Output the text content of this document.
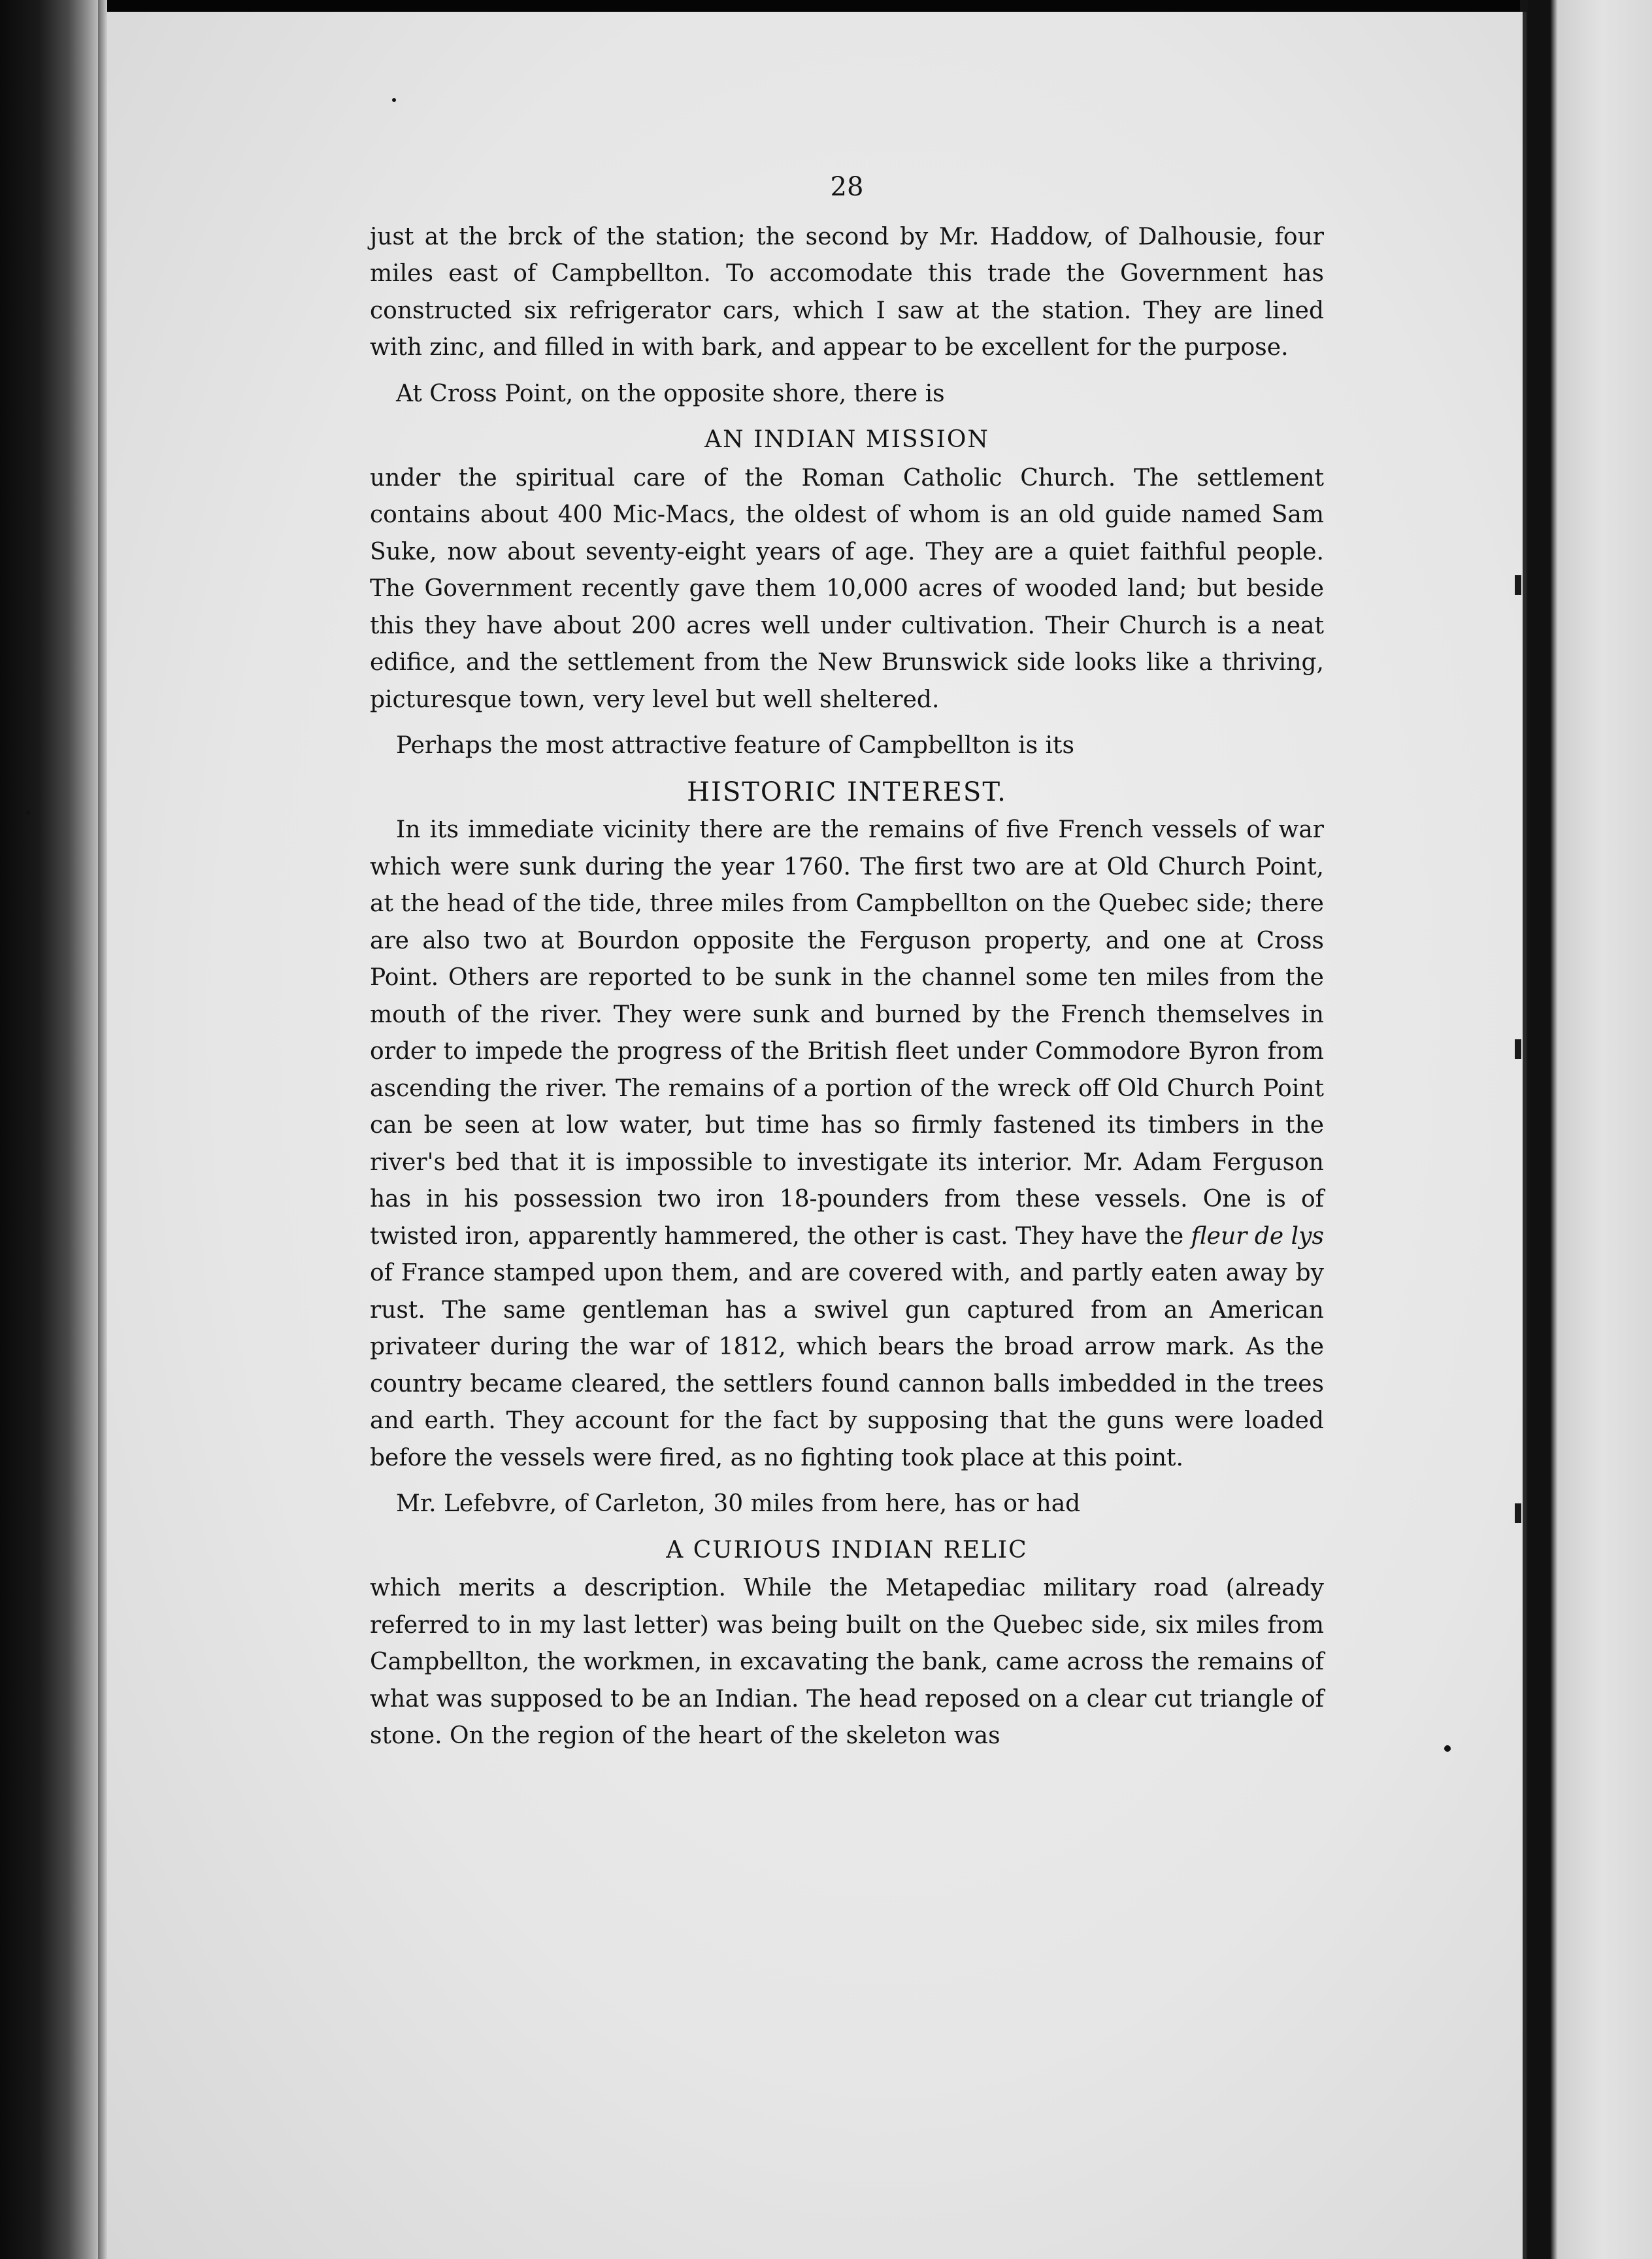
28

just at the brck of the station; the second by Mr. Haddow, of Dalhousie, four miles east of Campbellton. To accomodate this trade the Government has constructed six refrigerator cars, which I saw at the station. They are lined with zinc, and filled in with bark, and appear to be excellent for the purpose.

At Cross Point, on the opposite shore, there is

AN INDIAN MISSION

under the spiritual care of the Roman Catholic Church. The settlement contains about 400 Mic-Macs, the oldest of whom is an old guide named Sam Suke, now about seventy-eight years of age. They are a quiet faithful people. The Government recently gave them 10,000 acres of wooded land; but beside this they have about 200 acres well under cultivation. Their Church is a neat edifice, and the settlement from the New Brunswick side looks like a thriving, picturesque town, very level but well sheltered.

Perhaps the most attractive feature of Campbellton is its

HISTORIC INTEREST.

In its immediate vicinity there are the remains of five French vessels of war which were sunk during the year 1760. The first two are at Old Church Point, at the head of the tide, three miles from Campbellton on the Quebec side; there are also two at Bourdon opposite the Ferguson property, and one at Cross Point. Others are reported to be sunk in the channel some ten miles from the mouth of the river. They were sunk and burned by the French themselves in order to impede the progress of the British fleet under Commodore Byron from ascending the river. The remains of a portion of the wreck off Old Church Point can be seen at low water, but time has so firmly fastened its timbers in the river's bed that it is impossible to investigate its interior. Mr. Adam Ferguson has in his possession two iron 18-pounders from these vessels. One is of twisted iron, apparently hammered, the other is cast. They have the fleur de lys of France stamped upon them, and are covered with, and partly eaten away by rust. The same gentleman has a swivel gun captured from an American privateer during the war of 1812, which bears the broad arrow mark. As the country became cleared, the settlers found cannon balls imbedded in the trees and earth. They account for the fact by supposing that the guns were loaded before the vessels were fired, as no fighting took place at this point.

Mr. Lefebvre, of Carleton, 30 miles from here, has or had

A CURIOUS INDIAN RELIC

which merits a description. While the Metapediac military road (already referred to in my last letter) was being built on the Quebec side, six miles from Campbellton, the workmen, in excavating the bank, came across the remains of what was supposed to be an Indian. The head reposed on a clear cut triangle of stone. On the region of the heart of the skeleton was
